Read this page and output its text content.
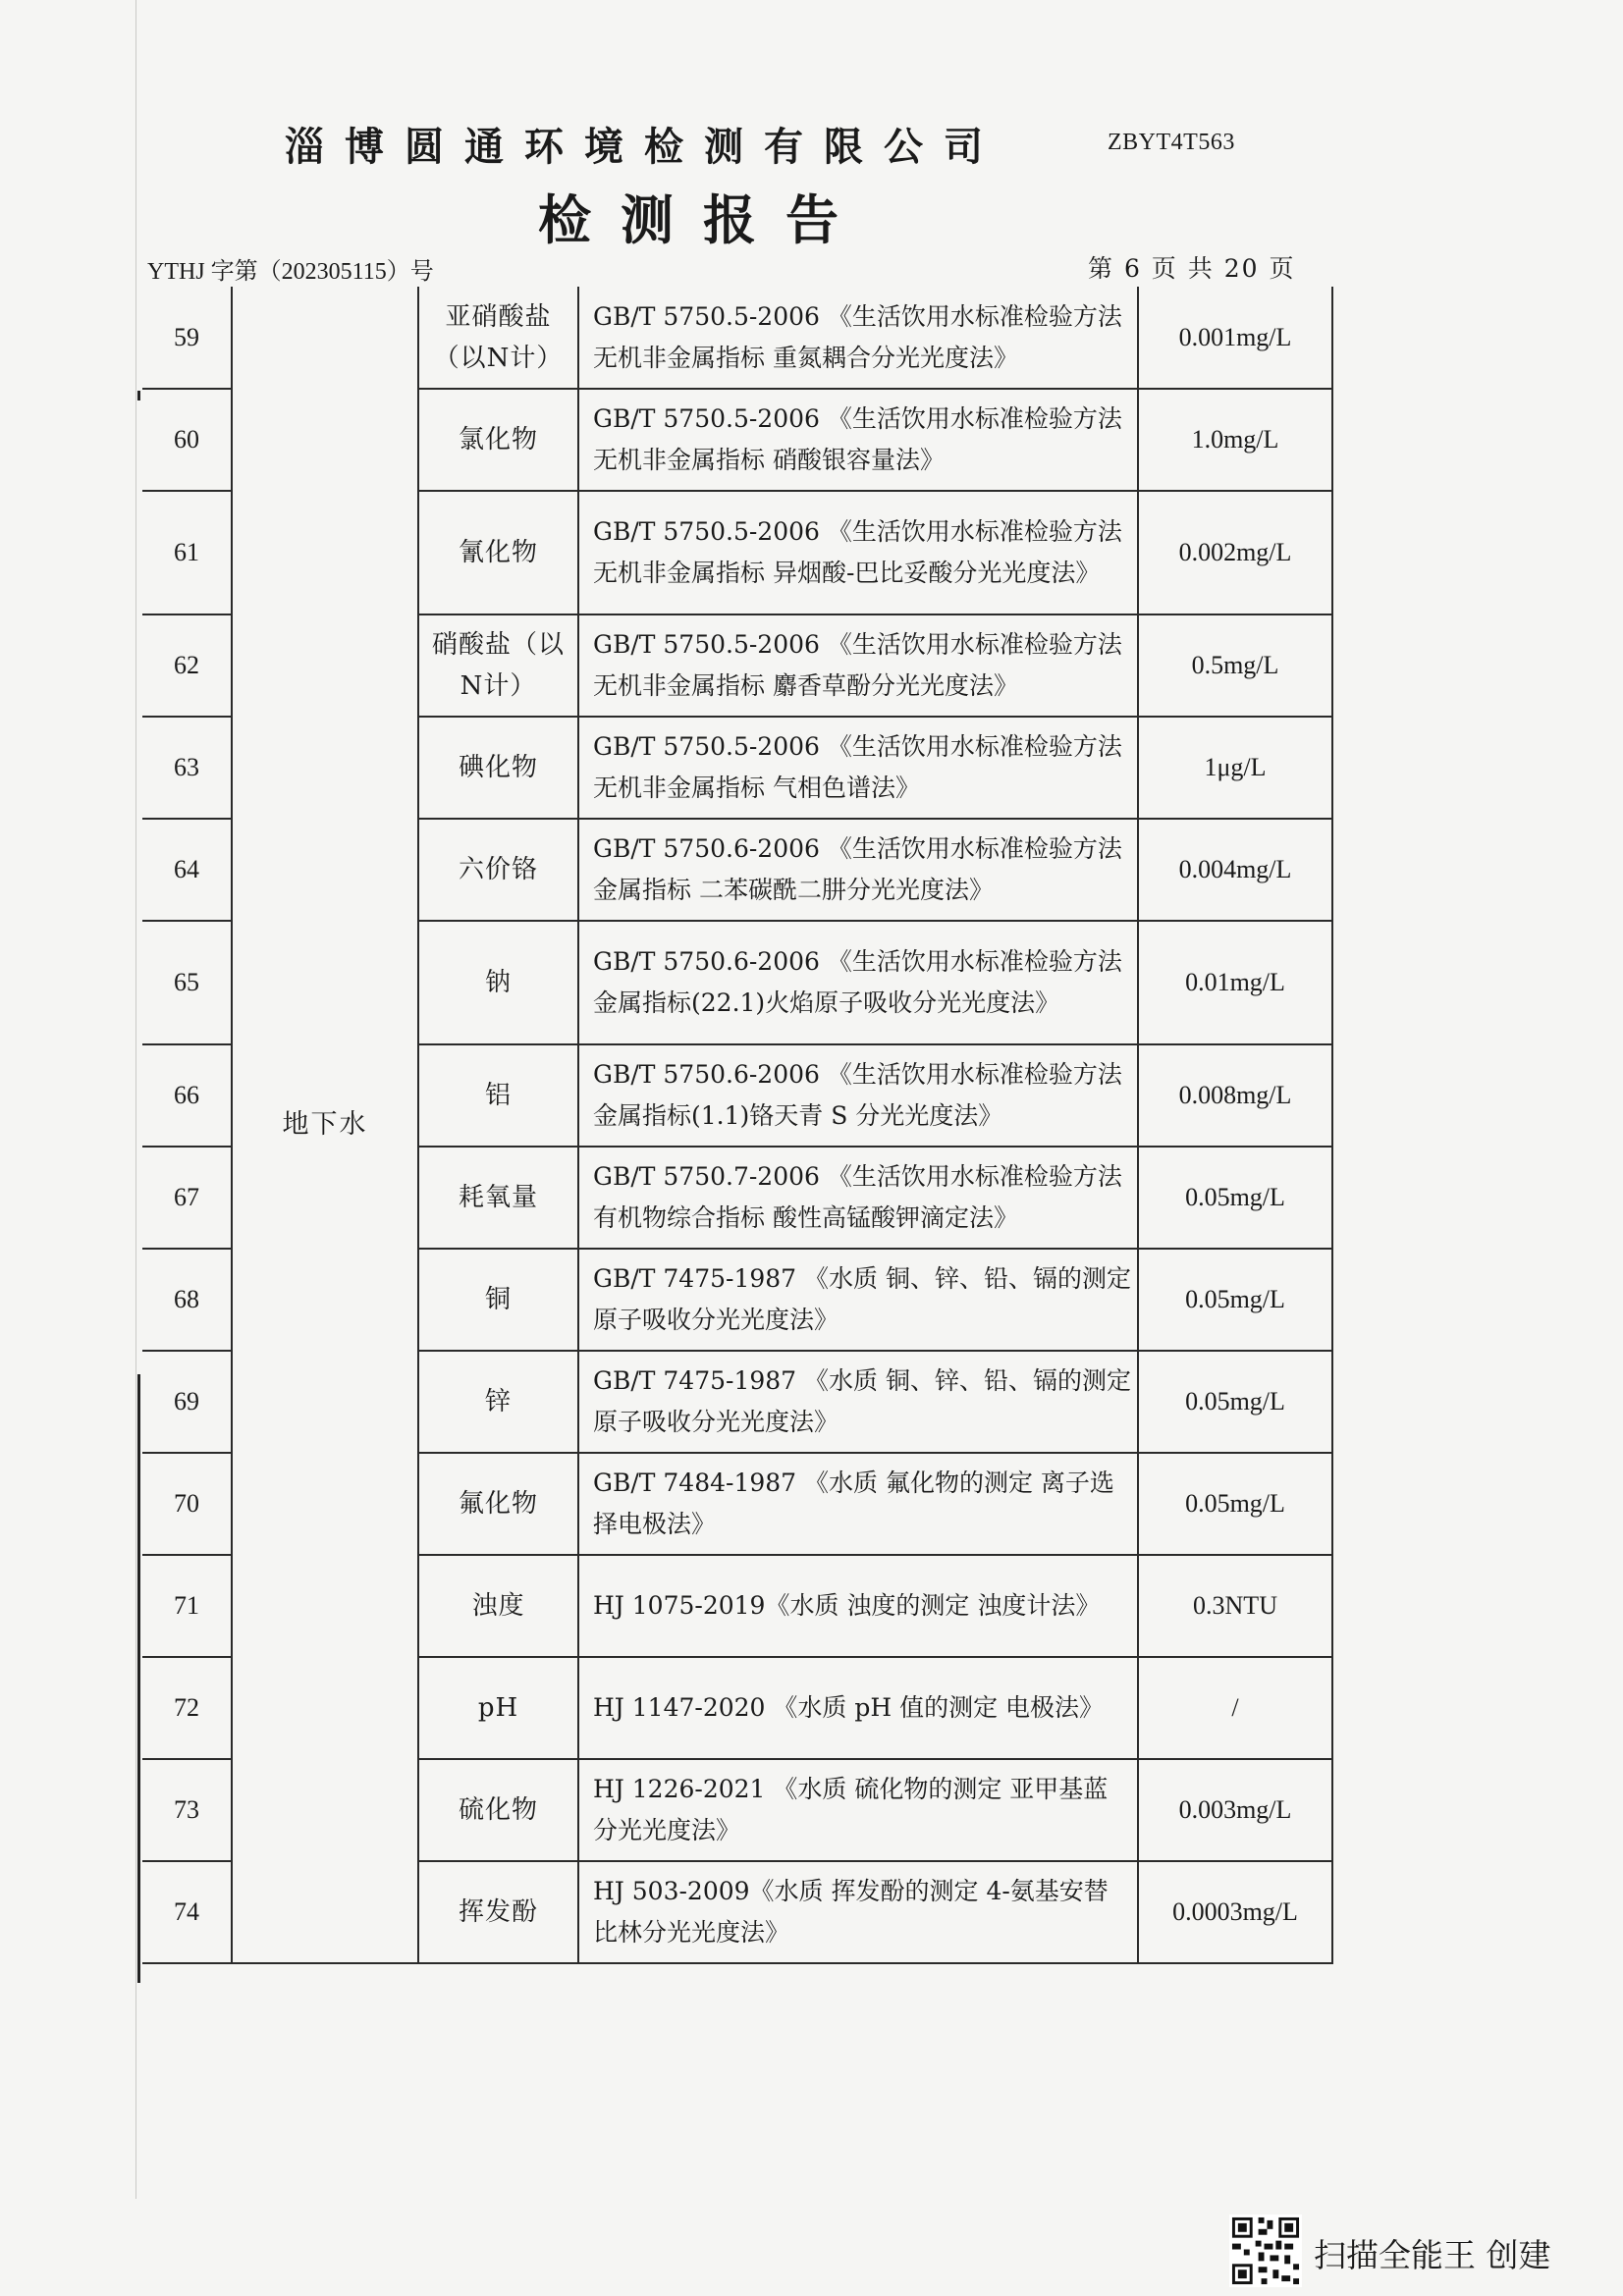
淄博圆通环境检测有限公司	ZBYT4T563
检测报告
YTHJ 字第（202305115）号	第 6 页 共 20 页
59	地下水	亚硝酸盐（以N计）	GB/T 5750.5-2006 《生活饮用水标准检验方法 无机非金属指标 重氮耦合分光光度法》	0.001mg/L
60		氯化物	GB/T 5750.5-2006 《生活饮用水标准检验方法 无机非金属指标 硝酸银容量法》	1.0mg/L
61		氰化物	GB/T 5750.5-2006 《生活饮用水标准检验方法 无机非金属指标 异烟酸-巴比妥酸分光光度法》	0.002mg/L
62		硝酸盐（以N计）	GB/T 5750.5-2006 《生活饮用水标准检验方法 无机非金属指标 麝香草酚分光光度法》	0.5mg/L
63		碘化物	GB/T 5750.5-2006 《生活饮用水标准检验方法 无机非金属指标 气相色谱法》	1μg/L
64		六价铬	GB/T 5750.6-2006 《生活饮用水标准检验方法 金属指标 二苯碳酰二肼分光光度法》	0.004mg/L
65		钠	GB/T 5750.6-2006 《生活饮用水标准检验方法 金属指标(22.1)火焰原子吸收分光光度法》	0.01mg/L
66		铝	GB/T 5750.6-2006 《生活饮用水标准检验方法 金属指标(1.1)铬天青 S 分光光度法》	0.008mg/L
67		耗氧量	GB/T 5750.7-2006 《生活饮用水标准检验方法 有机物综合指标 酸性高锰酸钾滴定法》	0.05mg/L
68		铜	GB/T 7475-1987 《水质 铜、锌、铅、镉的测定 原子吸收分光光度法》	0.05mg/L
69		锌	GB/T 7475-1987 《水质 铜、锌、铅、镉的测定 原子吸收分光光度法》	0.05mg/L
70		氟化物	GB/T 7484-1987 《水质 氟化物的测定 离子选择电极法》	0.05mg/L
71		浊度	HJ 1075-2019《水质 浊度的测定 浊度计法》	0.3NTU
72		pH	HJ 1147-2020 《水质 pH 值的测定 电极法》	/
73		硫化物	HJ 1226-2021 《水质 硫化物的测定 亚甲基蓝分光光度法》	0.003mg/L
74		挥发酚	HJ 503-2009《水质 挥发酚的测定 4-氨基安替比林分光光度法》	0.0003mg/L
扫描全能王 创建
